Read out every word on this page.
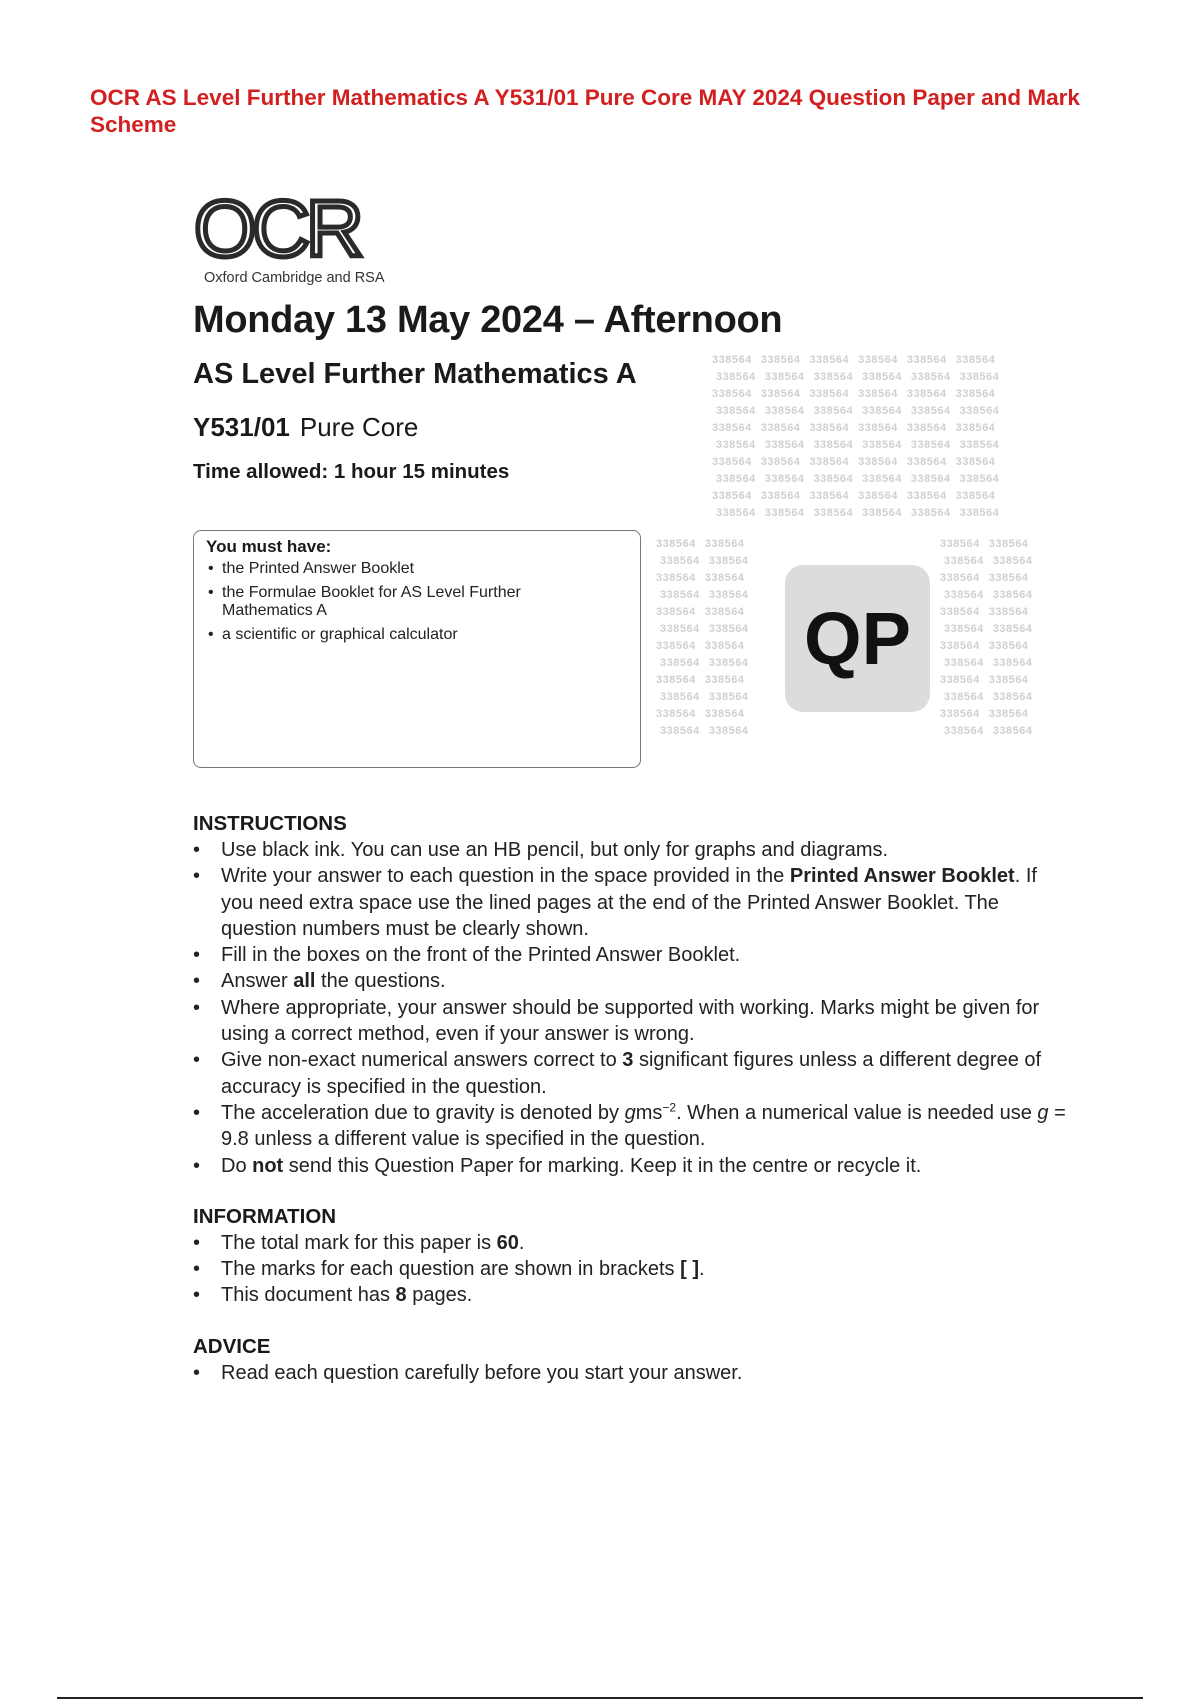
338564 338564 338564 338564 338564 338564
338564 338564 338564 338564 338564 338564
338564 338564 338564 338564 338564 338564
338564 338564 338564 338564 338564 338564
338564 338564 338564 338564 338564 338564
338564 338564 338564 338564 338564 338564
338564 338564 338564 338564 338564 338564
338564 338564 338564 338564 338564 338564
338564 338564 338564 338564 338564 338564
338564 338564 338564 338564 338564 338564
338564 338564
338564 338564
338564 338564
338564 338564
338564 338564
338564 338564
338564 338564
338564 338564
338564 338564
338564 338564
338564 338564
338564 338564
338564 338564
338564 338564
338564 338564
338564 338564
338564 338564
338564 338564
338564 338564
338564 338564
338564 338564
338564 338564
338564 338564
338564 338564
OCR
Oxford Cambridge and RSA
OCR AS Level Further Mathematics A Y531/01 Pure Core MAY 2024 Question Paper and Mark Scheme
Monday 13 May 2024 – Afternoon
AS Level Further Mathematics A
Y531/01 Pure Core
Time allowed: 1 hour 15 minutes
You must have:
• the Printed Answer Booklet
• the Formulae Booklet for AS Level Further Mathematics A
• a scientific or graphical calculator	QP
INSTRUCTIONS
• Use black ink. You can use an HB pencil, but only for graphs and diagrams.
• Write your answer to each question in the space provided in the Printed Answer Booklet. If you need extra space use the lined pages at the end of the Printed Answer Booklet. The question numbers must be clearly shown.
• Fill in the boxes on the front of the Printed Answer Booklet.
• Answer all the questions.
• Where appropriate, your answer should be supported with working. Marks might be given for using a correct method, even if your answer is wrong.
• Give non-exact numerical answers correct to 3 significant figures unless a different degree of accuracy is specified in the question.
• The acceleration due to gravity is denoted by gms$^{-2}$. When a numerical value is needed use g = 9.8 unless a different value is specified in the question.
• Do not send this Question Paper for marking. Keep it in the centre or recycle it.
INFORMATION
• The total mark for this paper is 60.
• The marks for each question are shown in brackets [ ].
• This document has 8 pages.
ADVICE
• Read each question carefully before you start your answer.
